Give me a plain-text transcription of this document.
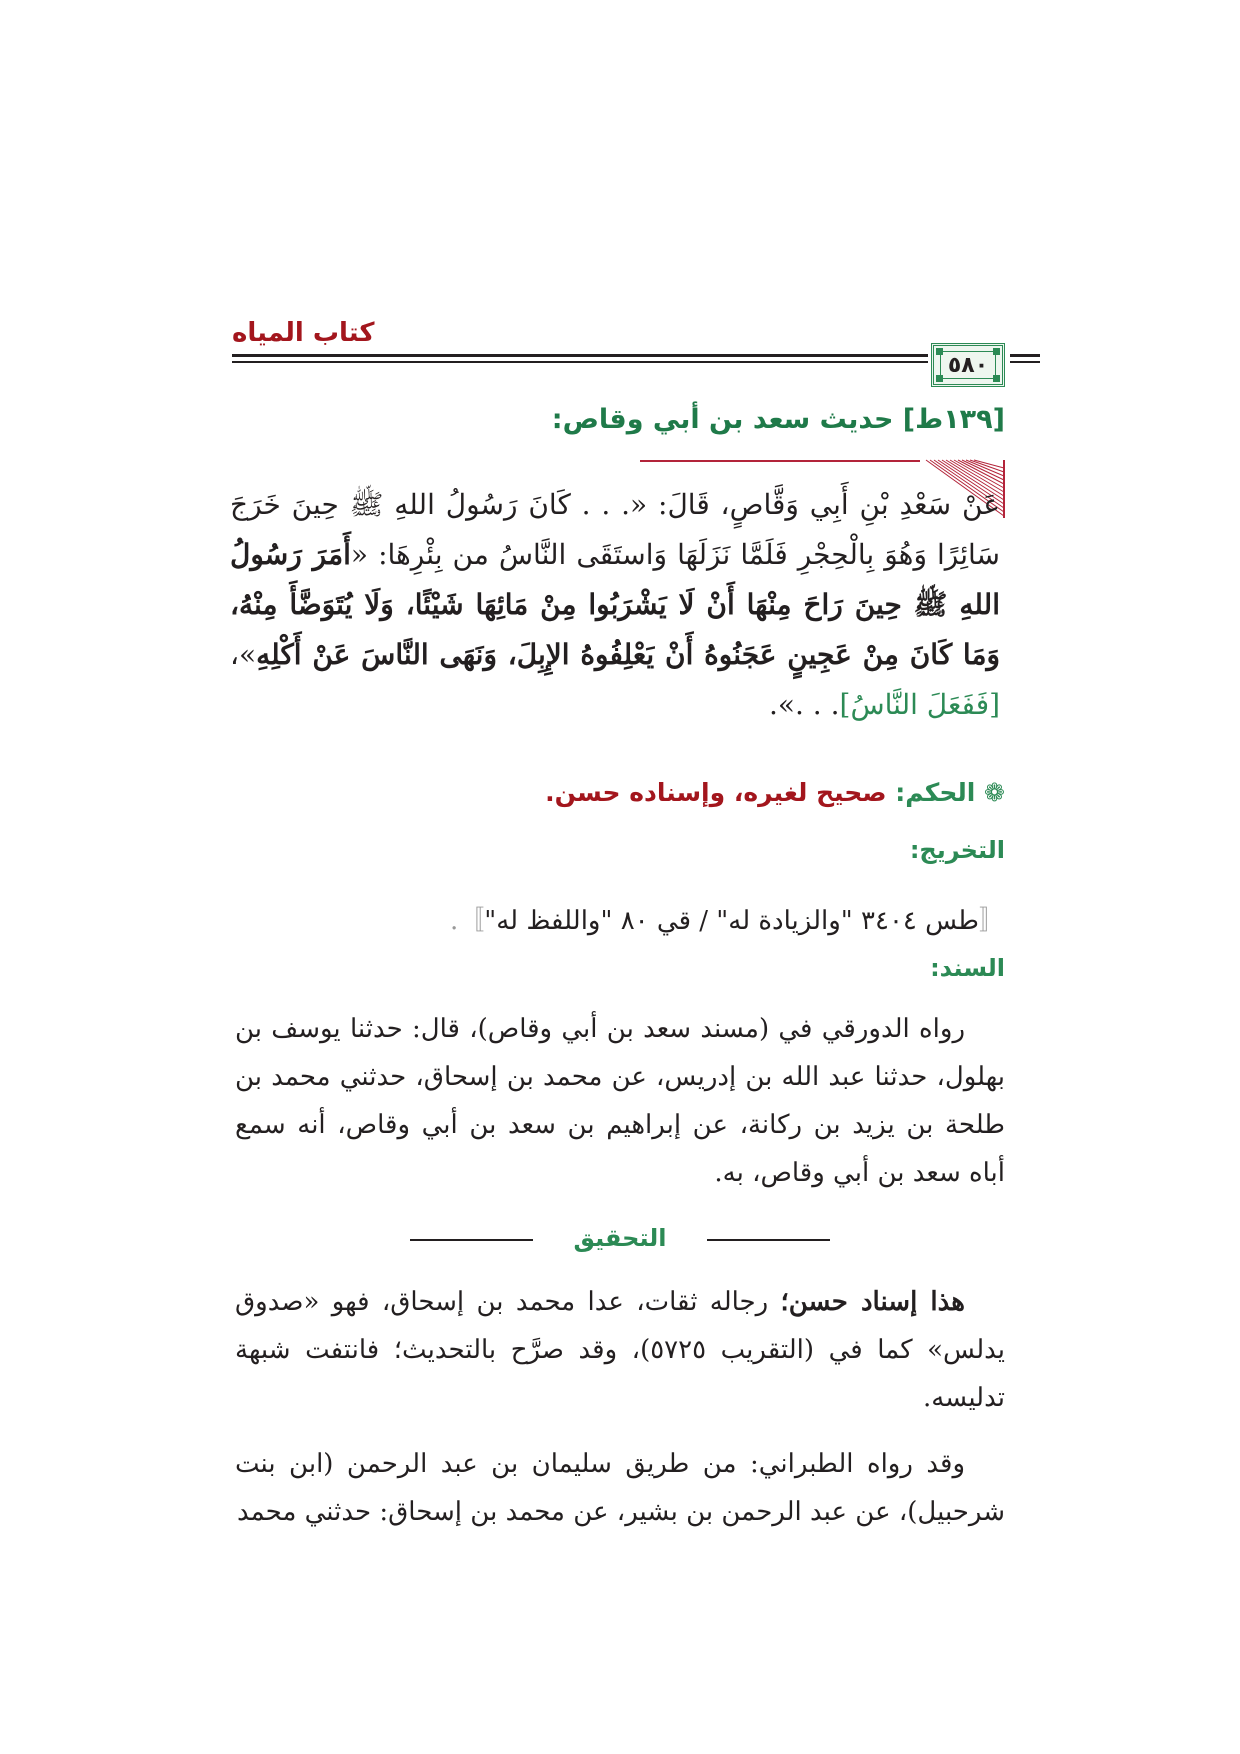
كتاب المياه
٥٨٠
[١٣٩ط] حديث سعد بن أبي وقاص:
عَنْ سَعْدِ بْنِ أَبِي وَقَّاصٍ، قَالَ: «. . . كَانَ رَسُولُ اللهِ ﷺ حِينَ خَرَجَ سَائِرًا وَهُوَ بِالْحِجْرِ فَلَمَّا نَزَلَهَا وَاستَقَى النَّاسُ من بِئْرِهَا: «أَمَرَ رَسُولُ اللهِ ﷺ حِينَ رَاحَ مِنْهَا أَنْ لَا يَشْرَبُوا مِنْ مَائِهَا شَيْئًا، وَلَا يُتَوَضَّأَ مِنْهُ، وَمَا كَانَ مِنْ عَجِينٍ عَجَنُوهُ أَنْ يَعْلِفُوهُ الإِبِلَ، وَنَهَى النَّاسَ عَنْ أَكْلِهِ»، [فَفَعَلَ النَّاسُ]. . .».
❁ الحكم: صحيح لغيره، وإسناده حسن.
التخريج:
〚طس ٣٤٠٤ "والزيادة له" / قي ٨٠ "واللفظ له"〛.
السند:
رواه الدورقي في (مسند سعد بن أبي وقاص)، قال: حدثنا يوسف بن بهلول، حدثنا عبد الله بن إدريس، عن محمد بن إسحاق، حدثني محمد بن طلحة بن يزيد بن ركانة، عن إبراهيم بن سعد بن أبي وقاص، أنه سمع أباه سعد بن أبي وقاص، به.
التحقيق
هذا إسناد حسن؛ رجاله ثقات، عدا محمد بن إسحاق، فهو «صدوق يدلس» كما في (التقريب ٥٧٢٥)، وقد صرَّح بالتحديث؛ فانتفت شبهة تدليسه.
وقد رواه الطبراني: من طريق سليمان بن عبد الرحمن (ابن بنت شرحبيل)، عن عبد الرحمن بن بشير، عن محمد بن إسحاق: حدثني محمد
